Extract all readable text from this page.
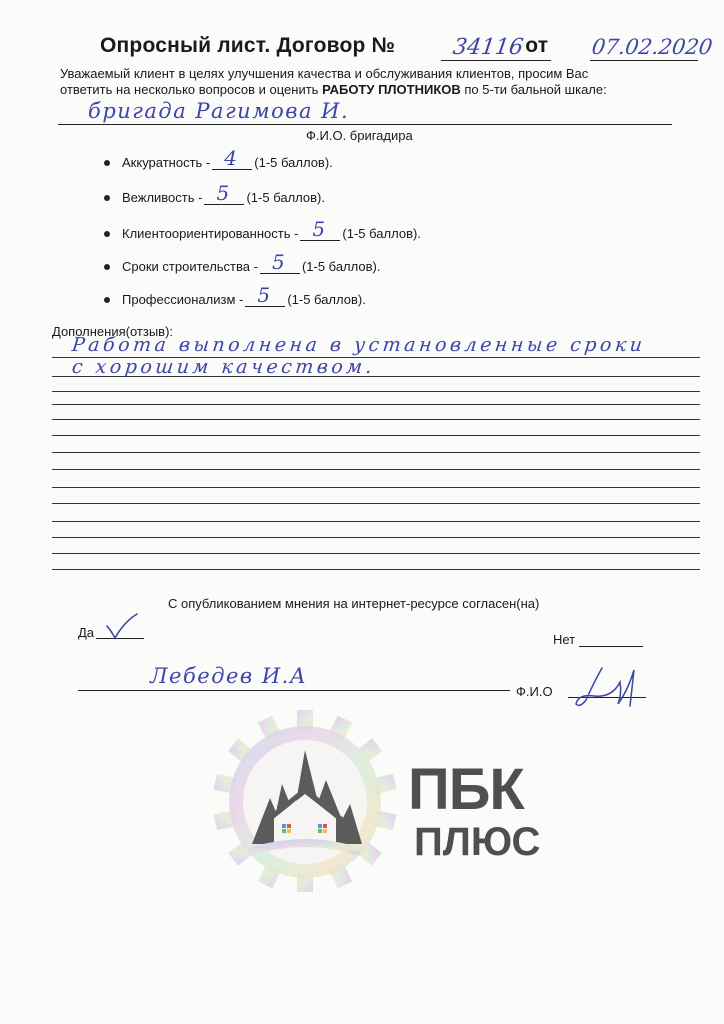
Опросный лист. Договор №	от
34116	07.02.2020
Уважаемый клиент в целях улучшения качества и обслуживания клиентов, просим Вас
ответить на несколько вопросов и оценить РАБОТУ ПЛОТНИКОВ по 5-ти бальной шкале:
бригада Рагимова И.
Ф.И.О. бригадира
Аккуратность - 4 (1-5 баллов).
Вежливость - 5 (1-5 баллов).
Клиентоориентированность - 5 (1-5 баллов).
Сроки строительства - 5 (1-5 баллов).
Профессионализм - 5 (1-5 баллов).
Дополнения(отзыв):
Работа выполнена в установленные сроки
с хорошим качеством.
С опубликованием мнения на интернет-ресурсе согласен(на)
Да	Нет
Лебедев И.А
Ф.И.О
ПБК
ПЛЮС
